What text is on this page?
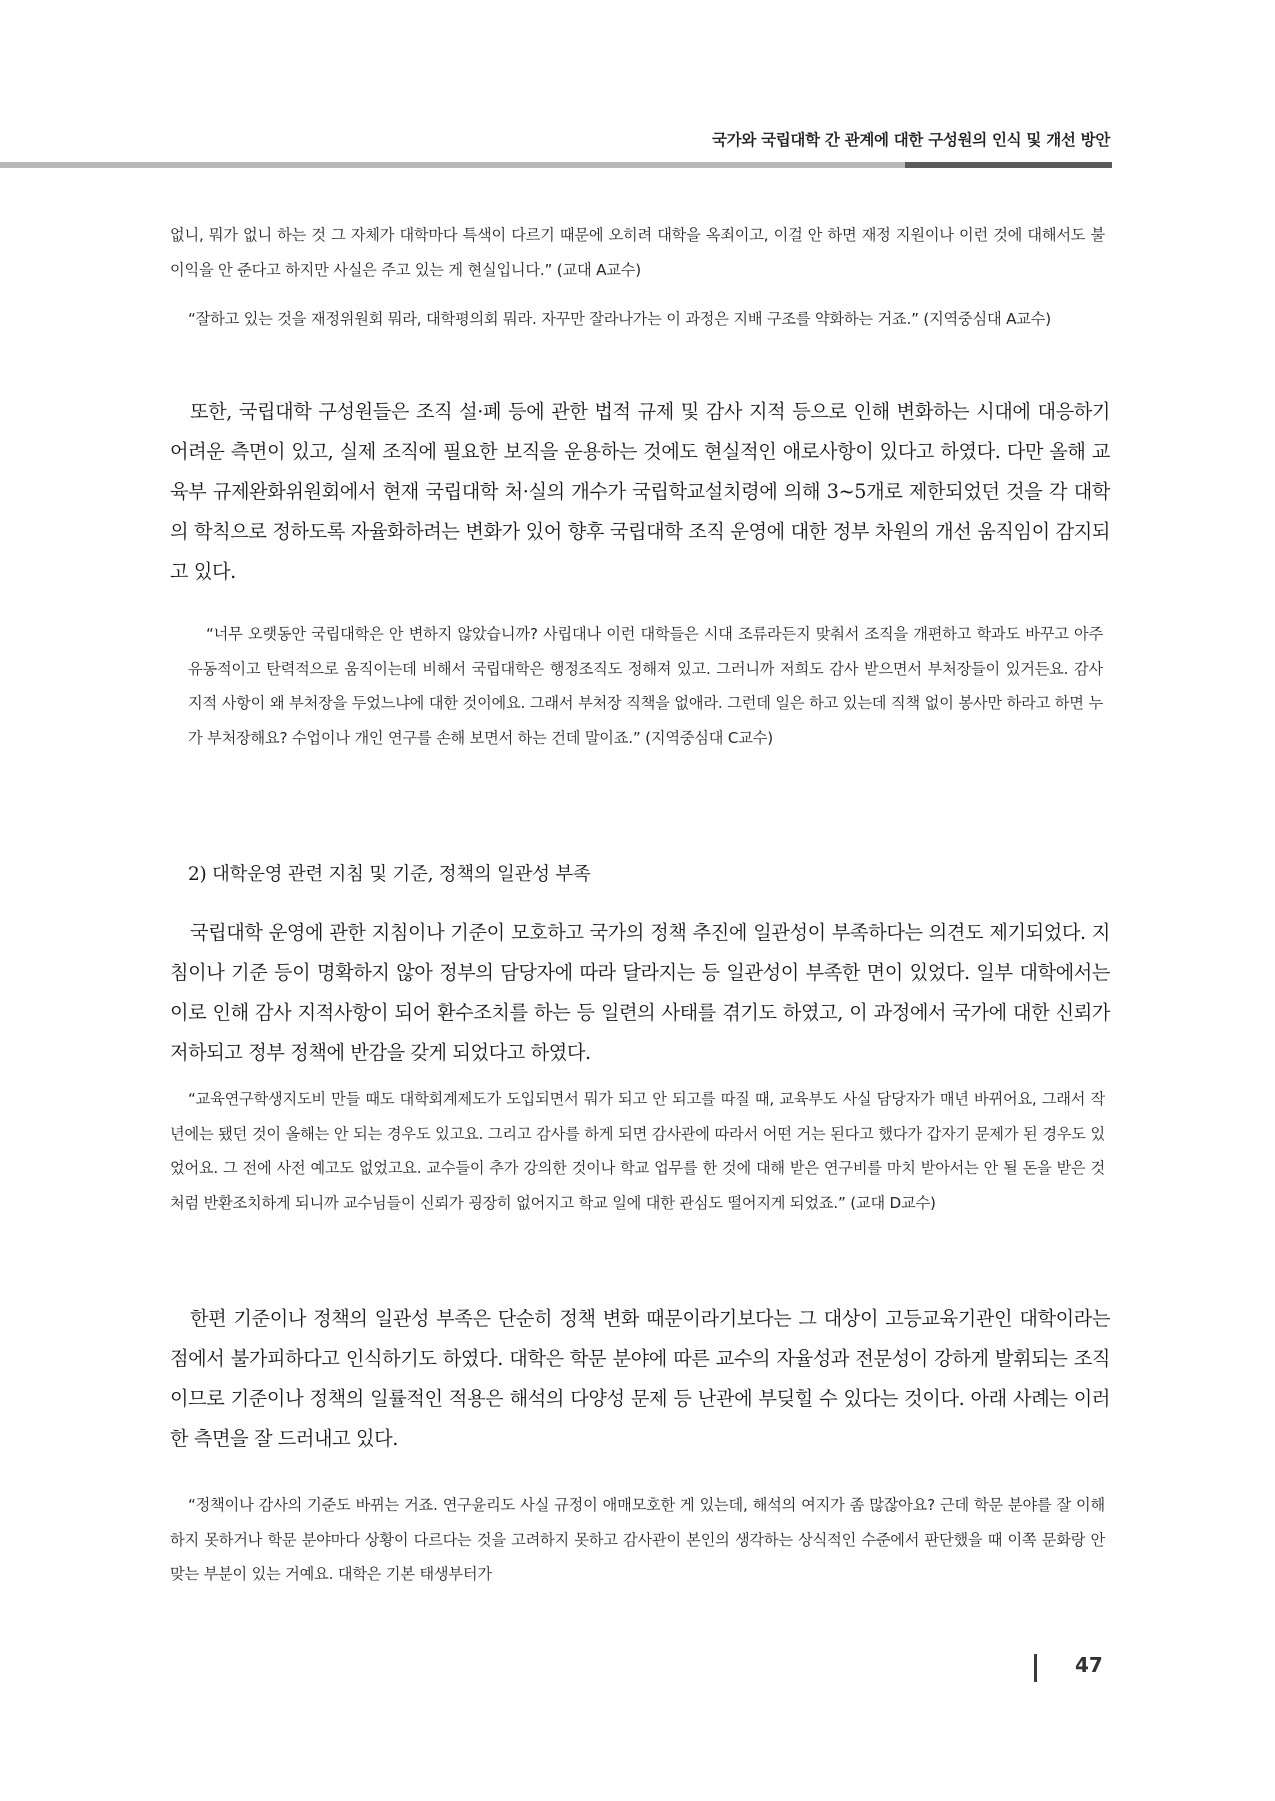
국가와 국립대학 간 관계에 대한 구성원의 인식 및 개선 방안

없니, 뭐가 없니 하는 것 그 자체가 대학마다 특색이 다르기 때문에 오히려 대학을 옥죄이고, 이걸 안 하면 재정 지원이나 이런 것에 대해서도 불이익을 안 준다고 하지만 사실은 주고 있는 게 현실입니다.” (교대 A교수)

“잘하고 있는 것을 재정위원회 뭐라, 대학평의회 뭐라. 자꾸만 잘라나가는 이 과정은 지배 구조를 약화하는 거죠.” (지역중심대 A교수)

또한, 국립대학 구성원들은 조직 설·폐 등에 관한 법적 규제 및 감사 지적 등으로 인해 변화하는 시대에 대응하기 어려운 측면이 있고, 실제 조직에 필요한 보직을 운용하는 것에도 현실적인 애로사항이 있다고 하였다. 다만 올해 교육부 규제완화위원회에서 현재 국립대학 처·실의 개수가 국립학교설치령에 의해 3~5개로 제한되었던 것을 각 대학의 학칙으로 정하도록 자율화하려는 변화가 있어 향후 국립대학 조직 운영에 대한 정부 차원의 개선 움직임이 감지되고 있다.

“너무 오랫동안 국립대학은 안 변하지 않았습니까? 사립대나 이런 대학들은 시대 조류라든지 맞춰서 조직을 개편하고 학과도 바꾸고 아주 유동적이고 탄력적으로 움직이는데 비해서 국립대학은 행정조직도 정해져 있고. 그러니까 저희도 감사 받으면서 부처장들이 있거든요. 감사 지적 사항이 왜 부처장을 두었느냐에 대한 것이에요. 그래서 부처장 직책을 없애라. 그런데 일은 하고 있는데 직책 없이 봉사만 하라고 하면 누가 부처장해요? 수업이나 개인 연구를 손해 보면서 하는 건데 말이죠.” (지역중심대 C교수)

2) 대학운영 관련 지침 및 기준, 정책의 일관성 부족

국립대학 운영에 관한 지침이나 기준이 모호하고 국가의 정책 추진에 일관성이 부족하다는 의견도 제기되었다. 지침이나 기준 등이 명확하지 않아 정부의 담당자에 따라 달라지는 등 일관성이 부족한 면이 있었다. 일부 대학에서는 이로 인해 감사 지적사항이 되어 환수조치를 하는 등 일련의 사태를 겪기도 하였고, 이 과정에서 국가에 대한 신뢰가 저하되고 정부 정책에 반감을 갖게 되었다고 하였다.

“교육연구학생지도비 만들 때도 대학회계제도가 도입되면서 뭐가 되고 안 되고를 따질 때, 교육부도 사실 담당자가 매년 바뀌어요, 그래서 작년에는 됐던 것이 올해는 안 되는 경우도 있고요. 그리고 감사를 하게 되면 감사관에 따라서 어떤 거는 된다고 했다가 갑자기 문제가 된 경우도 있었어요. 그 전에 사전 예고도 없었고요. 교수들이 추가 강의한 것이나 학교 업무를 한 것에 대해 받은 연구비를 마치 받아서는 안 될 돈을 받은 것처럼 반환조치하게 되니까 교수님들이 신뢰가 굉장히 없어지고 학교 일에 대한 관심도 떨어지게 되었죠.” (교대 D교수)

한편 기준이나 정책의 일관성 부족은 단순히 정책 변화 때문이라기보다는 그 대상이 고등교육기관인 대학이라는 점에서 불가피하다고 인식하기도 하였다. 대학은 학문 분야에 따른 교수의 자율성과 전문성이 강하게 발휘되는 조직이므로 기준이나 정책의 일률적인 적용은 해석의 다양성 문제 등 난관에 부딪힐 수 있다는 것이다. 아래 사례는 이러한 측면을 잘 드러내고 있다.

“정책이나 감사의 기준도 바뀌는 거죠. 연구윤리도 사실 규정이 애매모호한 게 있는데, 해석의 여지가 좀 많잖아요? 근데 학문 분야를 잘 이해하지 못하거나 학문 분야마다 상황이 다르다는 것을 고려하지 못하고 감사관이 본인의 생각하는 상식적인 수준에서 판단했을 때 이쪽 문화랑 안 맞는 부분이 있는 거예요. 대학은 기본 태생부터가

47
